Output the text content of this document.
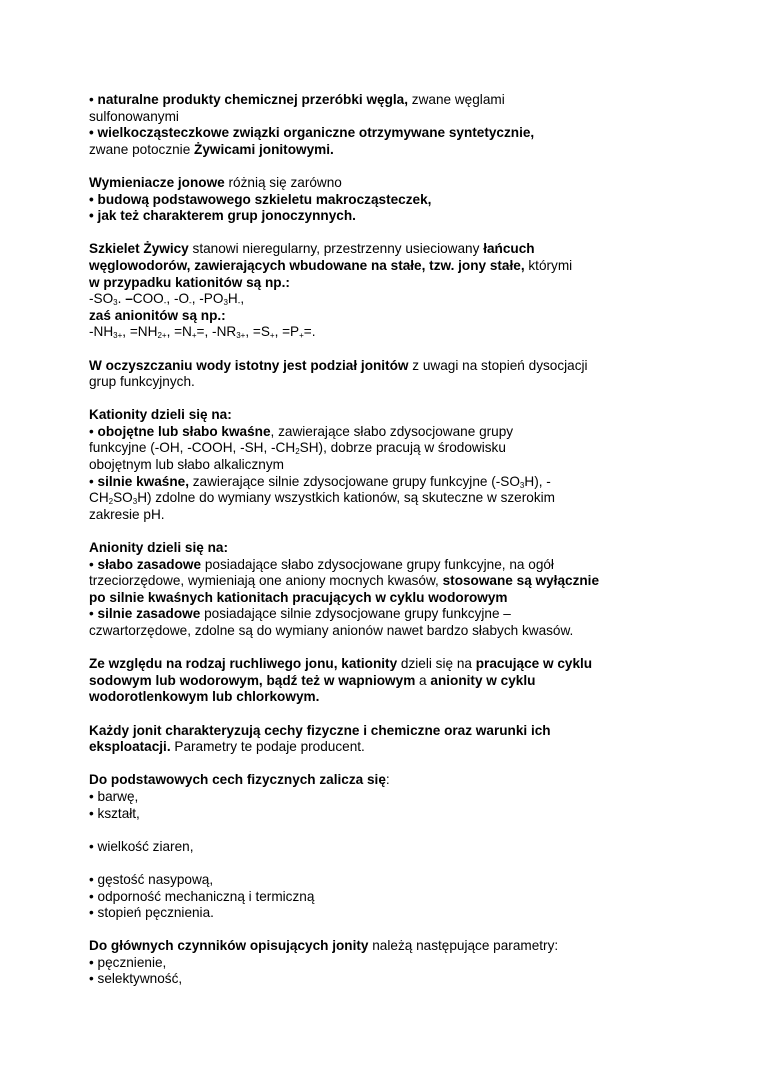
• naturalne produkty chemicznej przeróbki węgla, zwane węglami
sulfonowanymi
• wielkocząsteczkowe związki organiczne otrzymywane syntetycznie,
zwane potocznie Żywicami jonitowymi.
Wymieniacze jonowe różnią się zarówno
• budową podstawowego szkieletu makrocząsteczek,
• jak też charakterem grup jonoczynnych.
Szkielet Żywicy stanowi nieregularny, przestrzenny usieciowany łańcuch
węglowodorów, zawierających wbudowane na stałe, tzw. jony stałe, którymi
w przypadku kationitów są np.:
$-SO_3$. $-COO_-$, $-O_-$, $-PO_3H_-$,
zaś anionitów są np.:
$-NH_{3+}$, $=NH_{2+}$, $=N_+=$, $-NR_{3+}$, $=S_+$, $=P_+=$.
W oczyszczaniu wody istotny jest podział jonitów z uwagi na stopień dysocjacji
grup funkcyjnych.
Kationity dzieli się na:
• obojętne lub słabo kwaśne, zawierające słabo zdysocjowane grupy
funkcyjne (-OH, -COOH, -SH, $-CH_2SH$), dobrze pracują w środowisku
obojętnym lub słabo alkalicznym
• silnie kwaśne, zawierające silnie zdysocjowane grupy funkcyjne $(-SO_3H)$, -
$CH_2SO_3H$) zdolne do wymiany wszystkich kationów, są skuteczne w szerokim
zakresie pH.
Anionity dzieli się na:
• słabo zasadowe posiadające słabo zdysocjowane grupy funkcyjne, na ogół
trzeciorzędowe, wymieniają one aniony mocnych kwasów, stosowane są wyłącznie
po silnie kwaśnych kationitach pracujących w cyklu wodorowym
• silnie zasadowe posiadające silnie zdysocjowane grupy funkcyjne –
czwartorzędowe, zdolne są do wymiany anionów nawet bardzo słabych kwasów.
Ze względu na rodzaj ruchliwego jonu, kationity dzieli się na pracujące w cyklu
sodowym lub wodorowym, bądź też w wapniowym a anionity w cyklu
wodorotlenkowym lub chlorkowym.
Każdy jonit charakteryzują cechy fizyczne i chemiczne oraz warunki ich
eksploatacji. Parametry te podaje producent.
Do podstawowych cech fizycznych zalicza się:
• barwę,
• kształt,
• wielkość ziaren,
• gęstość nasypową,
• odporność mechaniczną i termiczną
• stopień pęcznienia.
Do głównych czynników opisujących jonity należą następujące parametry:
• pęcznienie,
• selektywność,
